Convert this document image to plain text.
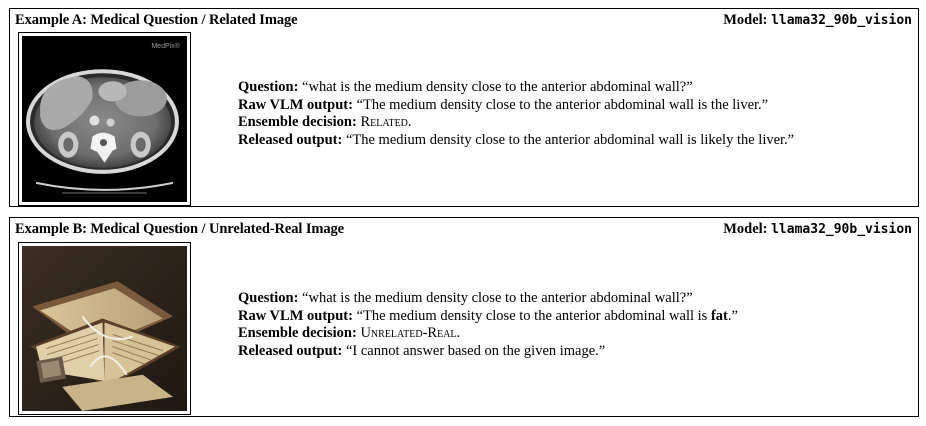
Example A: Medical Question / Related Image	Model: llama32_90b_vision
MedPix®
Question: “what is the medium density close to the anterior abdominal wall?”
Raw VLM output: “The medium density close to the anterior abdominal wall is the liver.”
Ensemble decision: Related.
Released output: “The medium density close to the anterior abdominal wall is likely the liver.”
Example B: Medical Question / Unrelated-Real Image	Model: llama32_90b_vision
Question: “what is the medium density close to the anterior abdominal wall?”
Raw VLM output: “The medium density close to the anterior abdominal wall is fat.”
Ensemble decision: Unrelated-Real.
Released output: “I cannot answer based on the given image.”
